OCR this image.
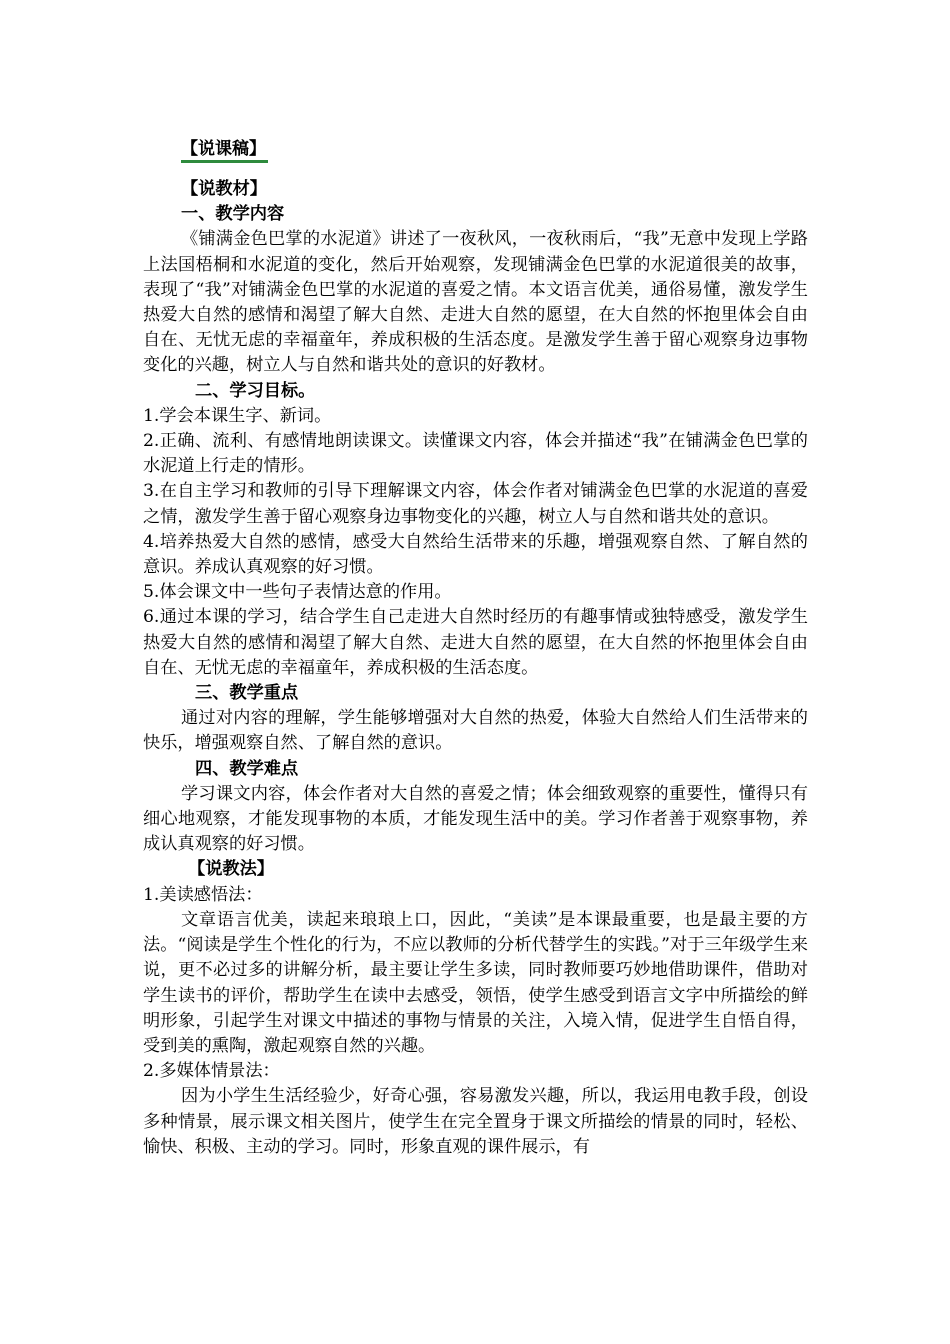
【说课稿】
【说教材】
一、教学内容

《铺满金色巴掌的水泥道》讲述了一夜秋风，一夜秋雨后，“我”无意中发现上学路上法国梧桐和水泥道的变化，然后开始观察，发现铺满金色巴掌的水泥道很美的故事，表现了“我”对铺满金色巴掌的水泥道的喜爱之情。本文语言优美，通俗易懂，激发学生热爱大自然的感情和渴望了解大自然、走进大自然的愿望，在大自然的怀抱里体会自由自在、无忧无虑的幸福童年，养成积极的生活态度。是激发学生善于留心观察身边事物变化的兴趣，树立人与自然和谐共处的意识的好教材。

二、学习目标。

1.学会本课生字、新词。

2.正确、流利、有感情地朗读课文。读懂课文内容，体会并描述“我”在铺满金色巴掌的水泥道上行走的情形。

3.在自主学习和教师的引导下理解课文内容，体会作者对铺满金色巴掌的水泥道的喜爱之情，激发学生善于留心观察身边事物变化的兴趣，树立人与自然和谐共处的意识。

4.培养热爱大自然的感情，感受大自然给生活带来的乐趣，增强观察自然、了解自然的意识。养成认真观察的好习惯。

5.体会课文中一些句子表情达意的作用。

6.通过本课的学习，结合学生自己走进大自然时经历的有趣事情或独特感受，激发学生热爱大自然的感情和渴望了解大自然、走进大自然的愿望，在大自然的怀抱里体会自由自在、无忧无虑的幸福童年，养成积极的生活态度。

三、教学重点

通过对内容的理解，学生能够增强对大自然的热爱，体验大自然给人们生活带来的快乐，增强观察自然、了解自然的意识。

四、教学难点

学习课文内容，体会作者对大自然的喜爱之情；体会细致观察的重要性，懂得只有细心地观察，才能发现事物的本质，才能发现生活中的美。学习作者善于观察事物，养成认真观察的好习惯。

【说教法】

1.美读感悟法：

文章语言优美，读起来琅琅上口，因此，“美读”是本课最重要，也是最主要的方法。“阅读是学生个性化的行为，不应以教师的分析代替学生的实践。”对于三年级学生来说，更不必过多的讲解分析，最主要让学生多读，同时教师要巧妙地借助课件，借助对学生读书的评价，帮助学生在读中去感受，领悟，使学生感受到语言文字中所描绘的鲜明形象，引起学生对课文中描述的事物与情景的关注，入境入情，促进学生自悟自得，受到美的熏陶，激起观察自然的兴趣。

2.多媒体情景法：

因为小学生生活经验少，好奇心强，容易激发兴趣，所以，我运用电教手段，创设多种情景，展示课文相关图片，使学生在完全置身于课文所描绘的情景的同时，轻松、愉快、积极、主动的学习。同时，形象直观的课件展示，有
